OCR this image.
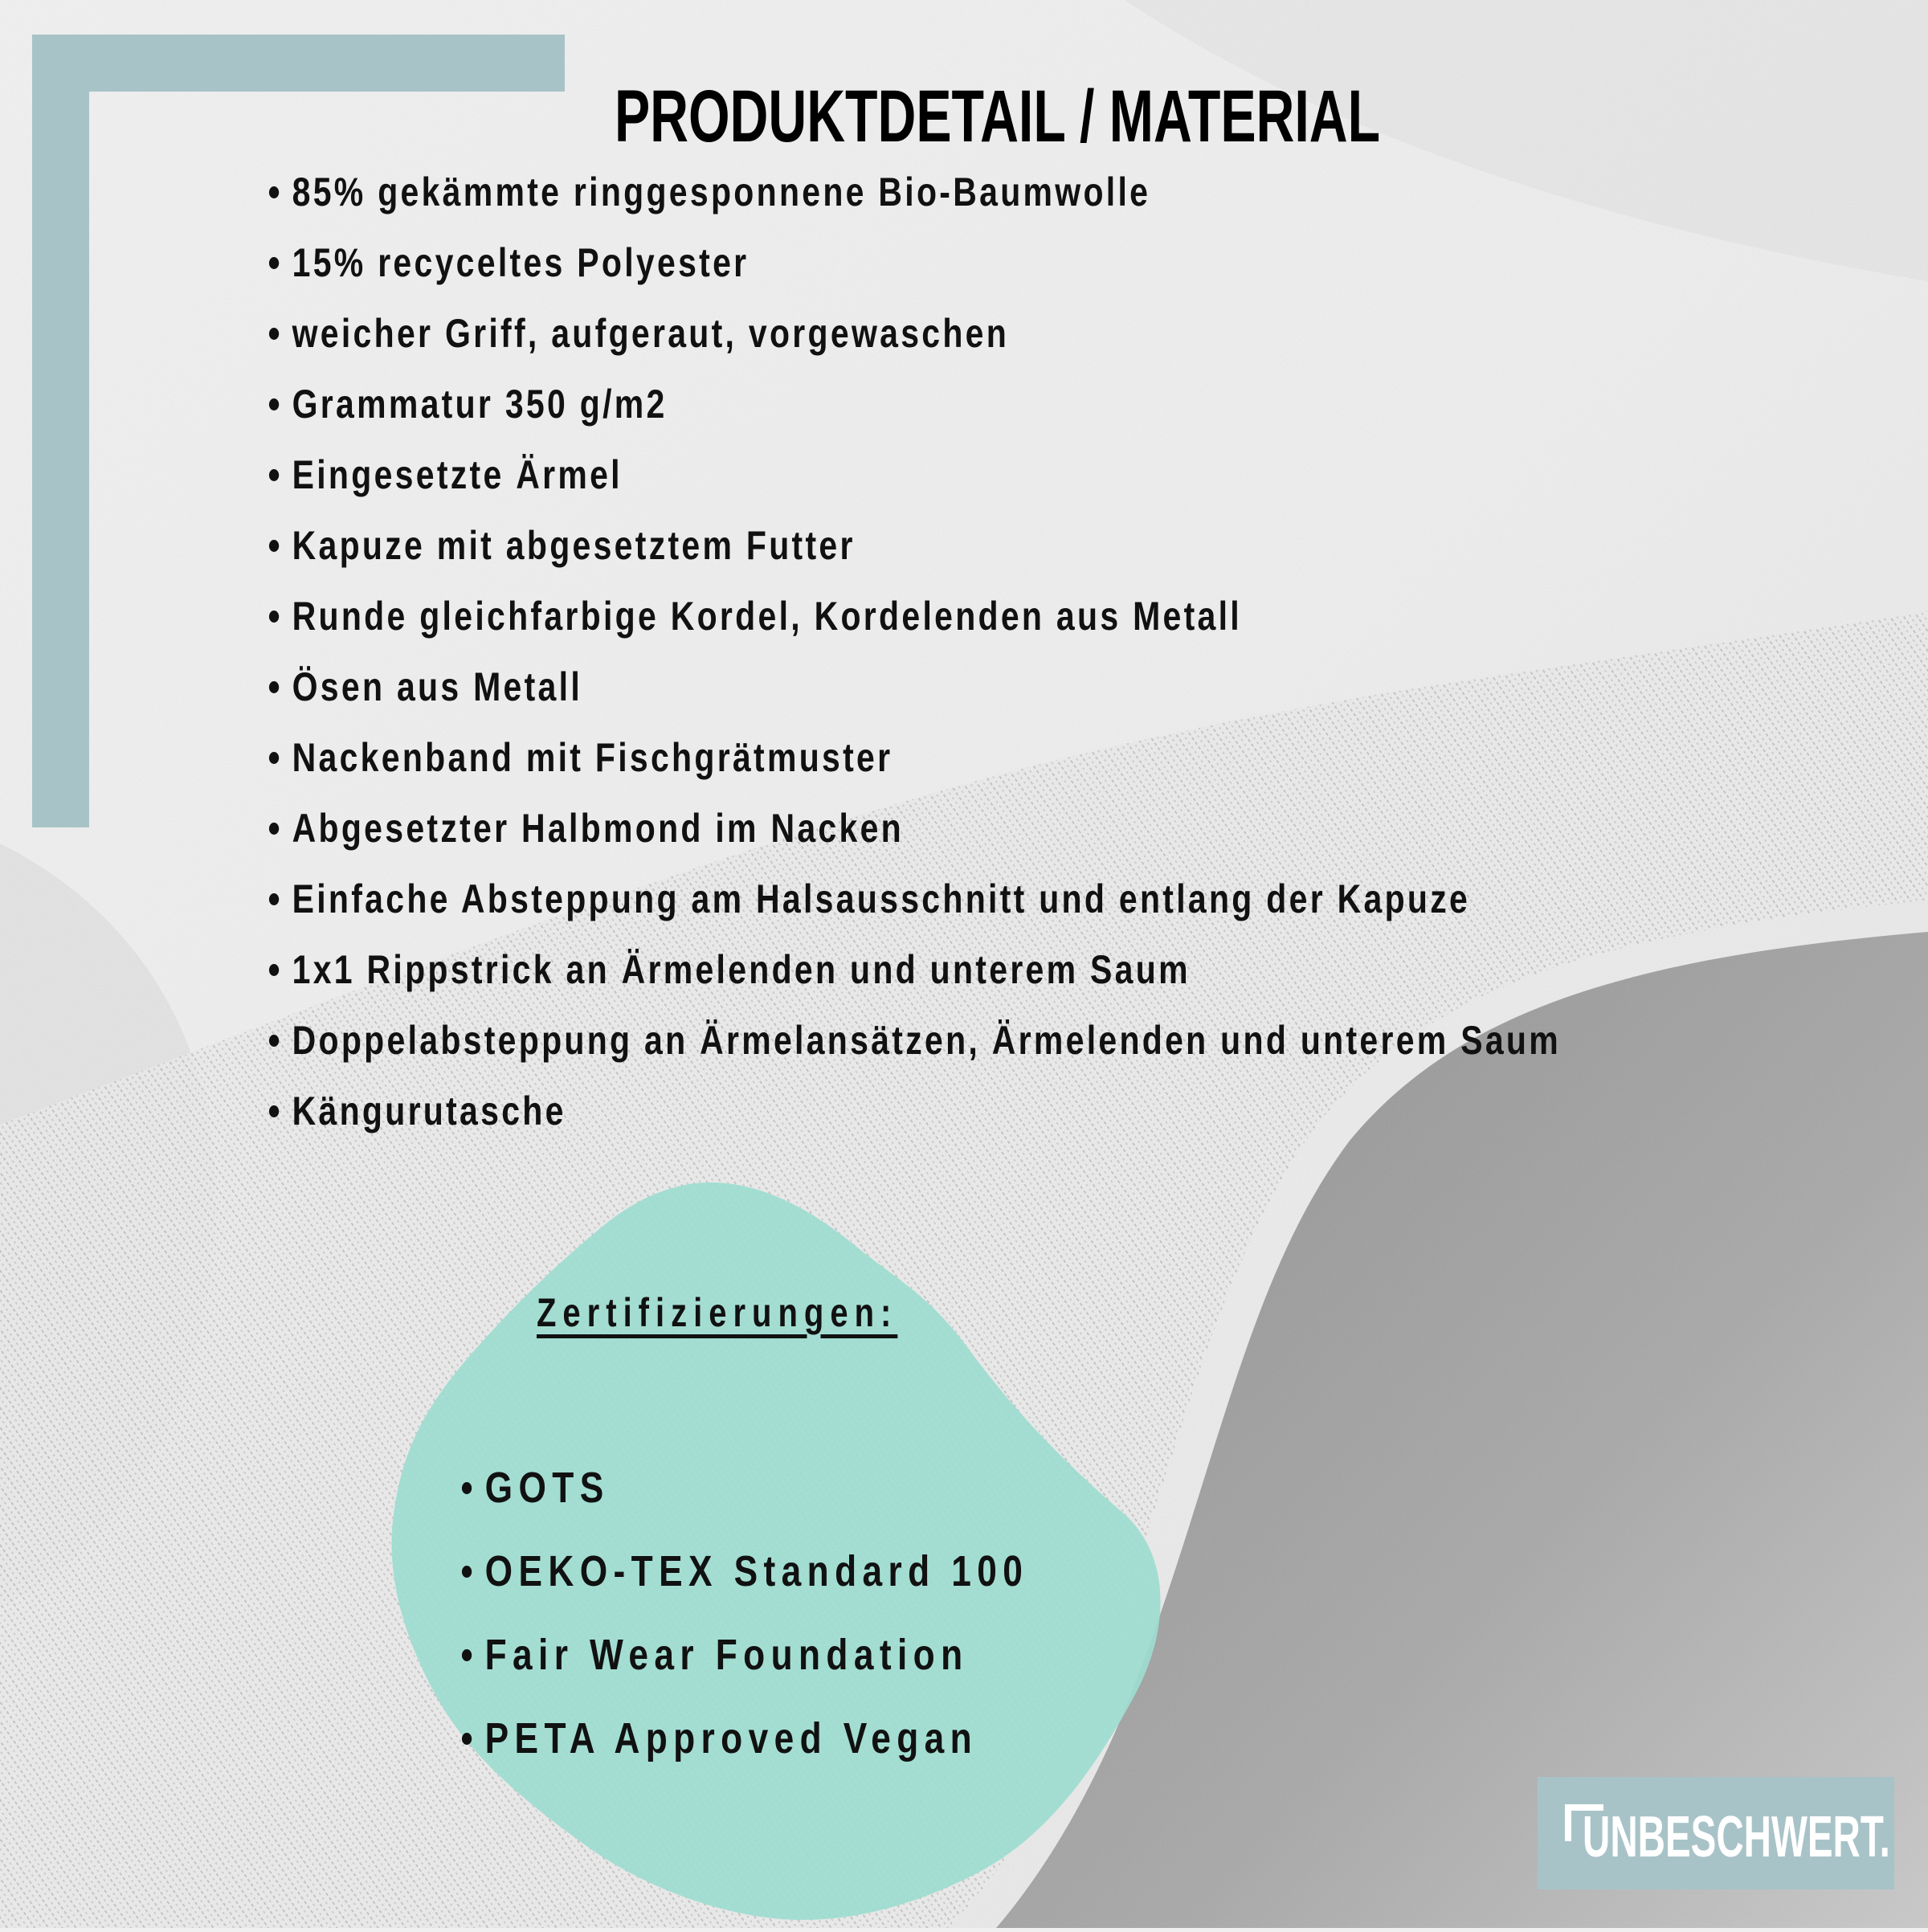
PRODUKTDETAIL / MATERIAL
85% gekämmte ringgesponnene Bio-Baumwolle
15% recyceltes Polyester
weicher Griff, aufgeraut, vorgewaschen
Grammatur 350 g/m2
Eingesetzte Ärmel
Kapuze mit abgesetztem Futter
Runde gleichfarbige Kordel, Kordelenden aus Metall
Ösen aus Metall
Nackenband mit Fischgrätmuster
Abgesetzter Halbmond im Nacken
Einfache Absteppung am Halsausschnitt und entlang der Kapuze
1x1 Rippstrick an Ärmelenden und unterem Saum
Doppelabsteppung an Ärmelansätzen, Ärmelenden und unterem Saum
Kängurutasche
Zertifizierungen:
GOTS
OEKO-TEX Standard 100
Fair Wear Foundation
PETA Approved Vegan
UNBESCHWERT.
